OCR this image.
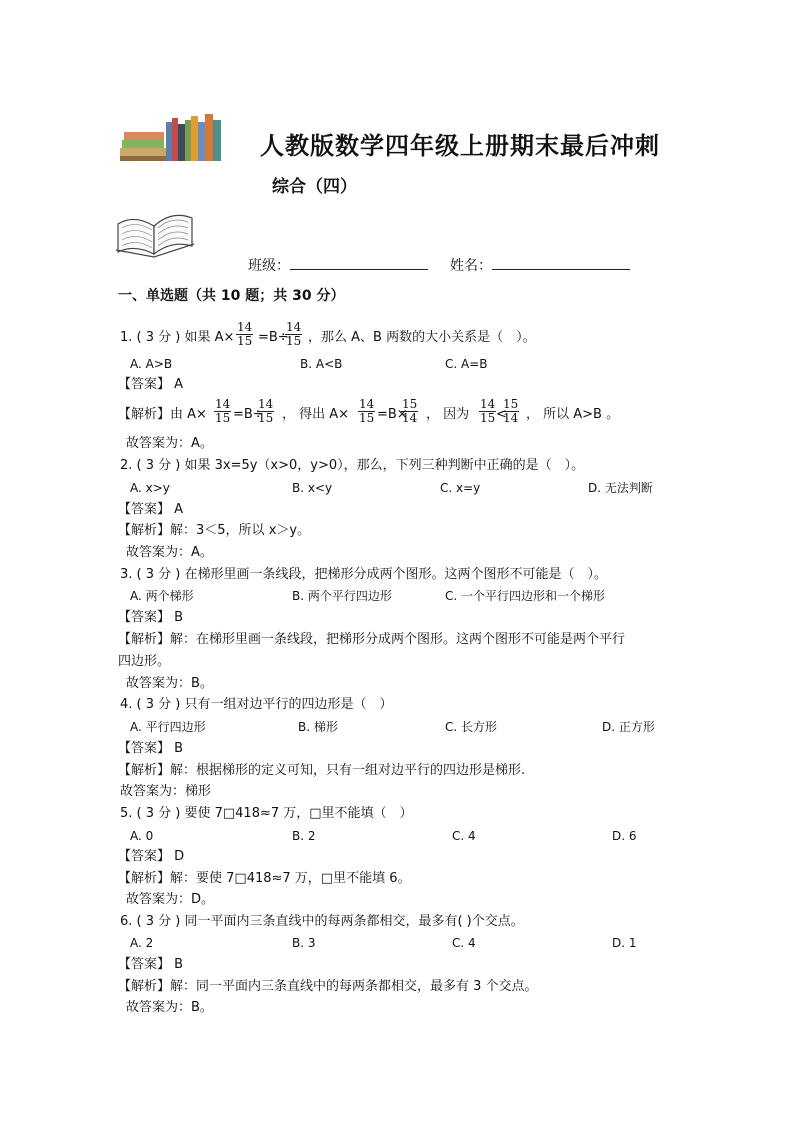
人教版数学四年级上册期末最后冲刺
综合（四）
班级：	姓名：
一、单选题（共 10 题；共 30 分）
1. ( 3 分 ) 如果 $A\times \frac{14}{15} =B\div$
$\frac{14}{15}$ ，那么 A、B 两数的大小关系是（　）。
A. A>B	B. A<B	C. A=B
【答案】 A
【解析】由 $A\times \frac{14}{15} =B\div$
$\frac{14}{15}$ ， 得出 $A\times \frac{14}{15} =B\times$
$\frac{15}{14}$ ， 因为 $\frac{14}{15}$ <
$\frac{15}{14}$ ， 所以 A>B 。
故答案为：A。
2. ( 3 分 ) 如果 3x=5y（x>0，y>0），那么，下列三种判断中正确的是（　）。
A. x>y	B. x<y	C. x=y	D. 无法判断
【答案】 A
【解析】解：3＜5，所以 x＞y。
故答案为：A。
3. ( 3 分 ) 在梯形里画一条线段，把梯形分成两个图形。这两个图形不可能是（　）。
A. 两个梯形	B. 两个平行四边形	C. 一个平行四边形和一个梯形
【答案】 B
【解析】解：在梯形里画一条线段，把梯形分成两个图形。这两个图形不可能是两个平行
四边形。
故答案为：B。
4. ( 3 分 ) 只有一组对边平行的四边形是（　）
A. 平行四边形	B. 梯形	C. 长方形	D. 正方形
【答案】 B
【解析】解：根据梯形的定义可知，只有一组对边平行的四边形是梯形.
故答案为：梯形
5. ( 3 分 ) 要使 7□418≈7 万，□里不能填（　）
A. 0	B. 2	C. 4	D. 6
【答案】 D
【解析】解：要使 7□418≈7 万，□里不能填 6。
故答案为：D。
6. ( 3 分 ) 同一平面内三条直线中的每两条都相交，最多有( )个交点。
A. 2	B. 3	C. 4	D. 1
【答案】 B
【解析】解：同一平面内三条直线中的每两条都相交，最多有 3 个交点。
故答案为：B。
